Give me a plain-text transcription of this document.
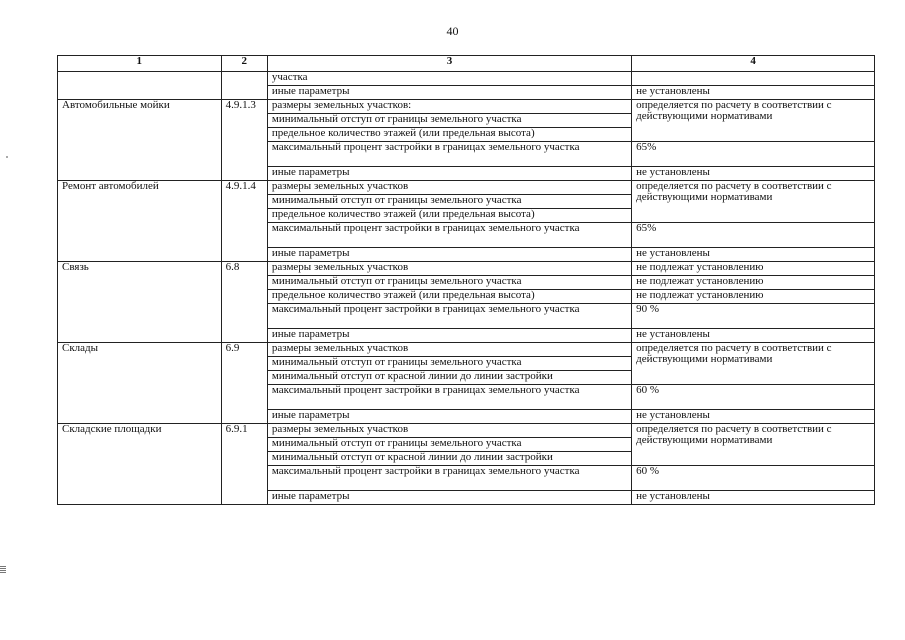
40
1	2	3	4
		участка	
		иные параметры	не установлены
Автомобильные мойки	4.9.1.3	размеры земельных участков:	определяется по расчету в соответствии с действующими нормативами
		минимальный отступ от границы земельного участка	
		предельное количество этажей (или предельная высота)	
		максимальный процент застройки в границах земельного участка	65%
		иные параметры	не установлены
Ремонт автомобилей	4.9.1.4	размеры земельных участков	определяется по расчету в соответствии с действующими нормативами
		минимальный отступ от границы земельного участка	
		предельное количество этажей (или предельная высота)	
		максимальный процент застройки в границах земельного участка	65%
		иные параметры	не установлены
Связь	6.8	размеры земельных участков	не подлежат установлению
		минимальный отступ от границы земельного участка	не подлежат установлению
		предельное количество этажей (или предельная высота)	не подлежат установлению
		максимальный процент застройки в границах земельного участка	90 %
		иные параметры	не установлены
Склады	6.9	размеры земельных участков	определяется по расчету в соответствии с действующими нормативами
		минимальный отступ от границы земельного участка	
		минимальный отступ от красной линии до линии застройки	
		максимальный процент застройки в границах земельного участка	60 %
		иные параметры	не установлены
Складские площадки	6.9.1	размеры земельных участков	определяется по расчету в соответствии с действующими нормативами
		минимальный отступ от границы земельного участка	
		минимальный отступ от красной линии до линии застройки	
		максимальный процент застройки в границах земельного участка	60 %
		иные параметры	не установлены
